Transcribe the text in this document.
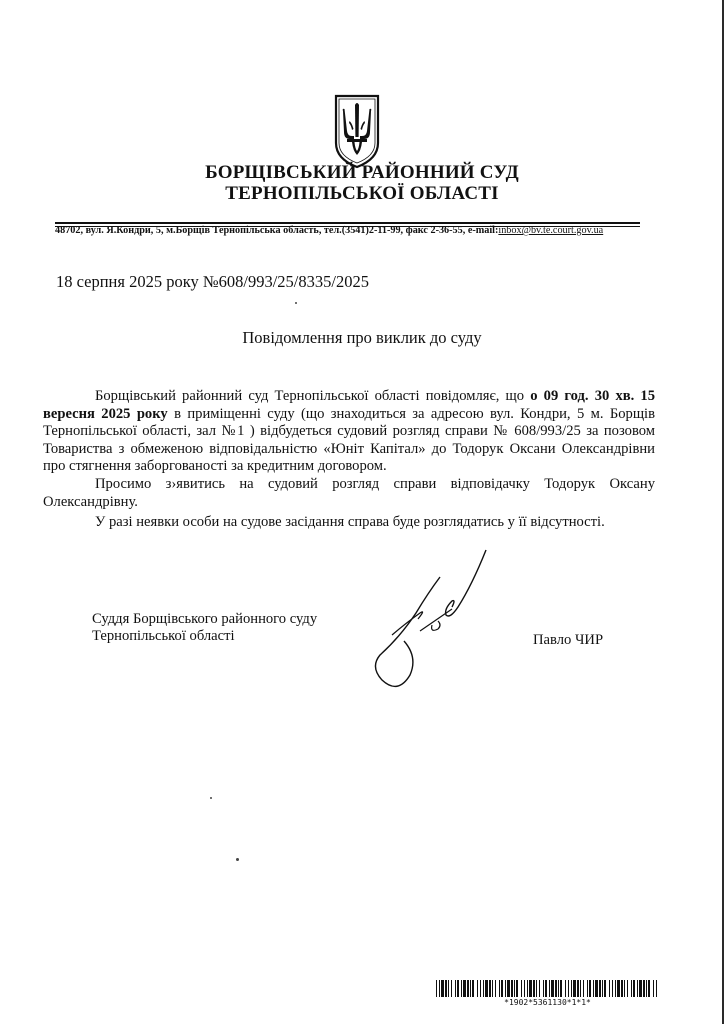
БОРЩІВСЬКИЙ РАЙОННИЙ СУД
ТЕРНОПІЛЬСЬКОЇ ОБЛАСТІ
48702, вул. Я.Кондри, 5, м.Борщів Тернопільська область, тел.(3541)2-11-99, факс 2-36-55, e-mail:inbox@bv.te.court.gov.ua
18 серпня 2025 року №608/993/25/8335/2025
Повідомлення про виклик до суду

Борщівський районний суд Тернопільської області повідомляє, що о 09 год. 30 хв. 15 вересня 2025 року в приміщенні суду (що знаходиться за адресою вул. Кондри, 5 м. Борщів Тернопільської області, зал №1 ) відбудеться судовий розгляд справи № 608/993/25 за позовом Товариства з обмеженою відповідальністю «Юніт Капітал» до Тодорук Оксани Олександрівни про стягнення заборгованості за кредитним договором.

Просимо з›явитись на судовий розгляд справи відповідачку Тодорук Оксану Олександрівну.

У разі неявки особи на судове засідання справа буде розглядатись у її відсутності.

Суддя Борщівського районного суду
Тернопільської області	Павло ЧИР
*1902*5361130*1*1*
